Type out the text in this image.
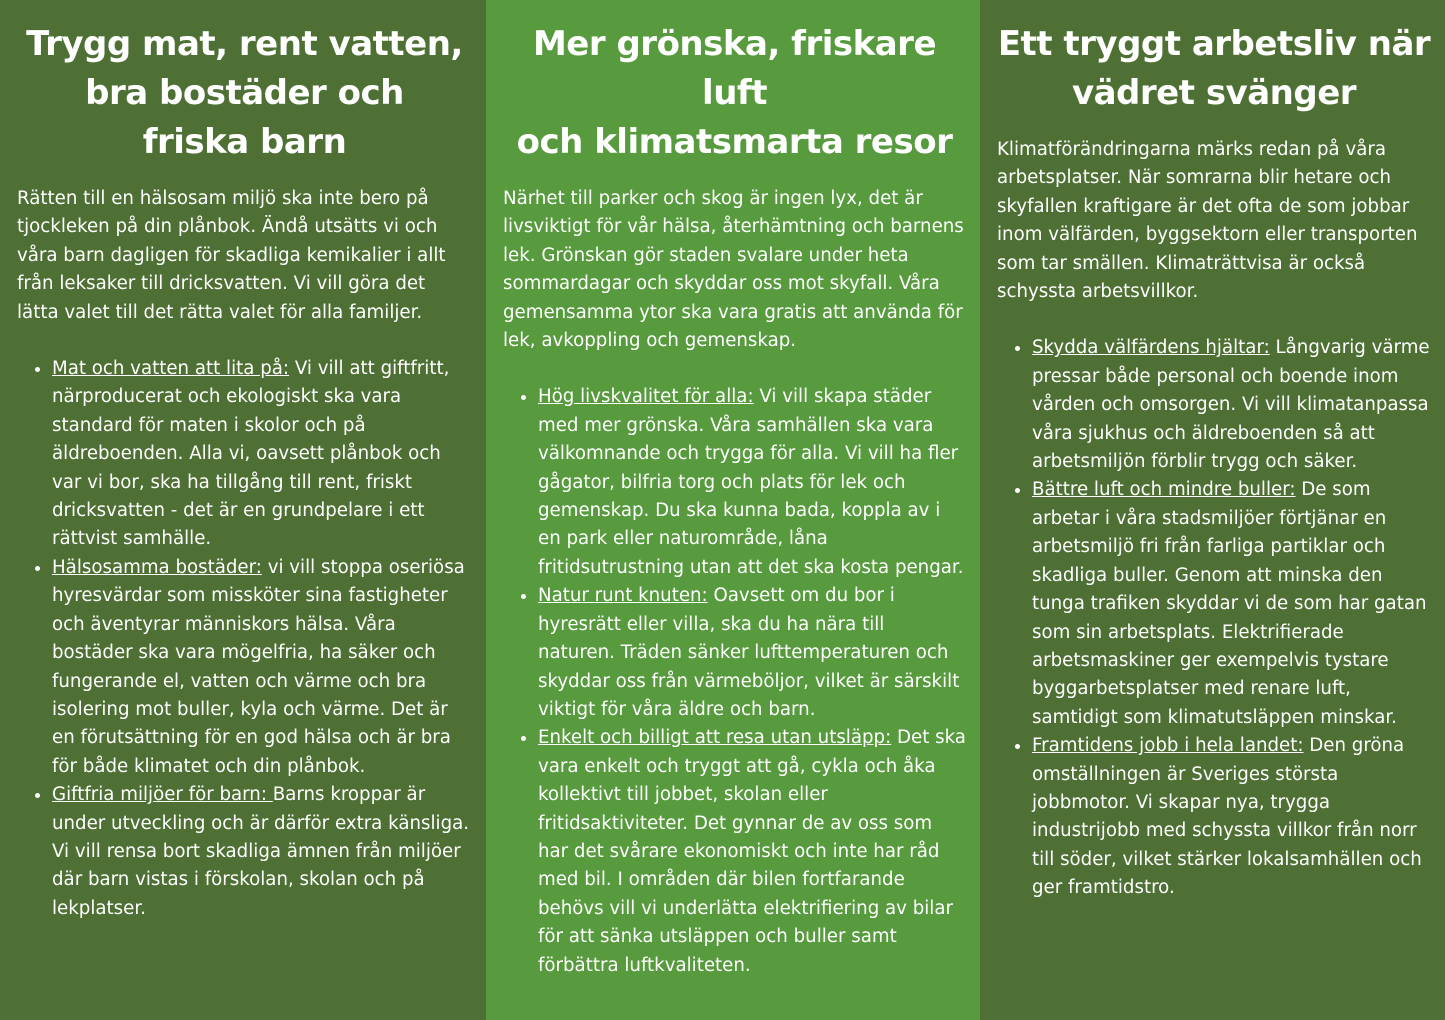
Trygg mat, rent vatten,
bra bostäder och
friska barn

Rätten till en hälsosam miljö ska inte bero på tjockleken på din plånbok. Ändå utsätts vi och våra barn dagligen för skadliga kemikalier i allt från leksaker till dricksvatten. Vi vill göra det lätta valet till det rätta valet för alla familjer.

• Mat och vatten att lita på: Vi vill att giftfritt, närproducerat och ekologiskt ska vara standard för maten i skolor och på äldreboenden. Alla vi, oavsett plånbok och var vi bor, ska ha tillgång till rent, friskt dricksvatten - det är en grundpelare i ett rättvist samhälle.
• Hälsosamma bostäder: vi vill stoppa oseriösa hyresvärdar som missköter sina fastigheter och äventyrar människors hälsa. Våra bostäder ska vara mögelfria, ha säker och fungerande el, vatten och värme och bra isolering mot buller, kyla och värme. Det är en förutsättning för en god hälsa och är bra för både klimatet och din plånbok.
• Giftfria miljöer för barn: Barns kroppar är under utveckling och är därför extra känsliga. Vi vill rensa bort skadliga ämnen från miljöer där barn vistas i förskolan, skolan och på lekplatser.
Mer grönska, friskare luft
och klimatsmarta resor

Närhet till parker och skog är ingen lyx, det är livsviktigt för vår hälsa, återhämtning och barnens lek. Grönskan gör staden svalare under heta sommardagar och skyddar oss mot skyfall. Våra gemensamma ytor ska vara gratis att använda för lek, avkoppling och gemenskap.

• Hög livskvalitet för alla: Vi vill skapa städer med mer grönska. Våra samhällen ska vara välkomnande och trygga för alla. Vi vill ha fler gågator, bilfria torg och plats för lek och gemenskap. Du ska kunna bada, koppla av i en park eller naturområde, låna fritidsutrustning utan att det ska kosta pengar.
• Natur runt knuten: Oavsett om du bor i hyresrätt eller villa, ska du ha nära till naturen. Träden sänker lufttemperaturen och skyddar oss från värmeböljor, vilket är särskilt viktigt för våra äldre och barn.
• Enkelt och billigt att resa utan utsläpp: Det ska vara enkelt och tryggt att gå, cykla och åka kollektivt till jobbet, skolan eller fritidsaktiviteter. Det gynnar de av oss som har det svårare ekonomiskt och inte har råd med bil. I områden där bilen fortfarande behövs vill vi underlätta elektrifiering av bilar för att sänka utsläppen och buller samt förbättra luftkvaliteten.
Ett tryggt arbetsliv när
vädret svänger

Klimatförändringarna märks redan på våra arbetsplatser. När somrarna blir hetare och skyfallen kraftigare är det ofta de som jobbar inom välfärden, byggsektorn eller transporten som tar smällen. Klimaträttvisa är också schyssta arbetsvillkor.

• Skydda välfärdens hjältar: Långvarig värme pressar både personal och boende inom vården och omsorgen. Vi vill klimatanpassa våra sjukhus och äldreboenden så att arbetsmiljön förblir trygg och säker.
• Bättre luft och mindre buller: De som arbetar i våra stadsmiljöer förtjänar en arbetsmiljö fri från farliga partiklar och skadliga buller. Genom att minska den tunga trafiken skyddar vi de som har gatan som sin arbetsplats. Elektrifierade arbetsmaskiner ger exempelvis tystare byggarbetsplatser med renare luft, samtidigt som klimatutsläppen minskar.
• Framtidens jobb i hela landet: Den gröna omställningen är Sveriges största jobbmotor. Vi skapar nya, trygga industrijobb med schyssta villkor från norr till söder, vilket stärker lokalsamhällen och ger framtidstro.
